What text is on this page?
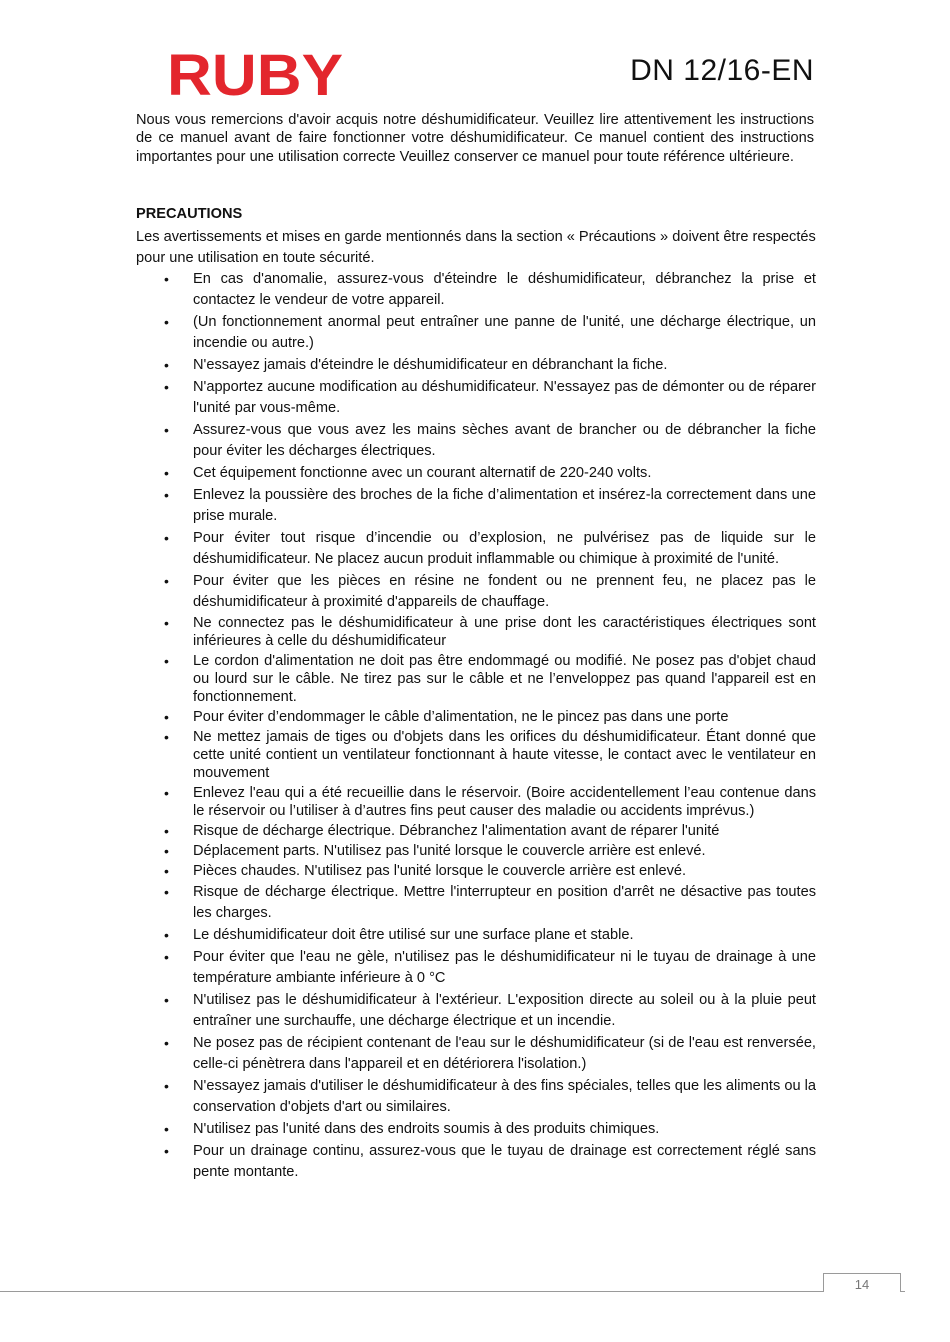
RUBY	DN 12/16-EN

Nous vous remercions d'avoir acquis notre déshumidificateur. Veuillez lire attentivement les instructions de ce manuel avant de faire fonctionner votre déshumidificateur. Ce manuel contient des instructions importantes pour une utilisation correcte Veuillez conserver ce manuel pour toute référence ultérieure.

PRECAUTIONS

Les avertissements et mises en garde mentionnés dans la section « Précautions » doivent être respectés pour une utilisation en toute sécurité.

• En cas d'anomalie, assurez-vous d'éteindre le déshumidificateur, débranchez la prise et contactez le vendeur de votre appareil.
• (Un fonctionnement anormal peut entraîner une panne de l'unité, une décharge électrique, un incendie ou autre.)
• N'essayez jamais d'éteindre le déshumidificateur en débranchant la fiche.
• N'apportez aucune modification au déshumidificateur. N'essayez pas de démonter ou de réparer l'unité par vous-même.
• Assurez-vous que vous avez les mains sèches avant de brancher ou de débrancher la fiche pour éviter les décharges électriques.
• Cet équipement fonctionne avec un courant alternatif de 220-240 volts.
• Enlevez la poussière des broches de la fiche d’alimentation et insérez-la correctement dans une prise murale.
• Pour éviter tout risque d’incendie ou d’explosion, ne pulvérisez pas de liquide sur le déshumidificateur. Ne placez aucun produit inflammable ou chimique à proximité de l'unité.
• Pour éviter que les pièces en résine ne fondent ou ne prennent feu, ne placez pas le déshumidificateur à proximité d'appareils de chauffage.
• Ne connectez pas le déshumidificateur à une prise dont les caractéristiques électriques sont inférieures à celle du déshumidificateur
• Le cordon d'alimentation ne doit pas être endommagé ou modifié. Ne posez pas d'objet chaud ou lourd sur le câble. Ne tirez pas sur le câble et ne l’enveloppez pas quand l'appareil est en fonctionnement.
• Pour éviter d’endommager le câble d’alimentation, ne le pincez pas dans une porte
• Ne mettez jamais de tiges ou d'objets dans les orifices du déshumidificateur. Étant donné que cette unité contient un ventilateur fonctionnant à haute vitesse, le contact avec le ventilateur en mouvement
• Enlevez l'eau qui a été recueillie dans le réservoir. (Boire accidentellement l’eau contenue dans le réservoir ou l’utiliser à d’autres fins peut causer des maladie ou accidents imprévus.)
• Risque de décharge électrique. Débranchez l'alimentation avant de réparer l'unité
• Déplacement parts. N'utilisez pas l'unité lorsque le couvercle arrière est enlevé.
• Pièces chaudes. N'utilisez pas l'unité lorsque le couvercle arrière est enlevé.
• Risque de décharge électrique. Mettre l'interrupteur en position d'arrêt ne désactive pas toutes les charges.
• Le déshumidificateur doit être utilisé sur une surface plane et stable.
• Pour éviter que l'eau ne gèle, n'utilisez pas le déshumidificateur ni le tuyau de drainage à une température ambiante inférieure à 0 °C
• N'utilisez pas le déshumidificateur à l'extérieur. L'exposition directe au soleil ou à la pluie peut entraîner une surchauffe, une décharge électrique et un incendie.
• Ne posez pas de récipient contenant de l'eau sur le déshumidificateur (si de l'eau est renversée, celle-ci pénètrera dans l'appareil et en détériorera l'isolation.)
• N'essayez jamais d'utiliser le déshumidificateur à des fins spéciales, telles que les aliments ou la conservation d'objets d'art ou similaires.
• N'utilisez pas l'unité dans des endroits soumis à des produits chimiques.
• Pour un drainage continu, assurez-vous que le tuyau de drainage est correctement réglé sans pente montante.
14
